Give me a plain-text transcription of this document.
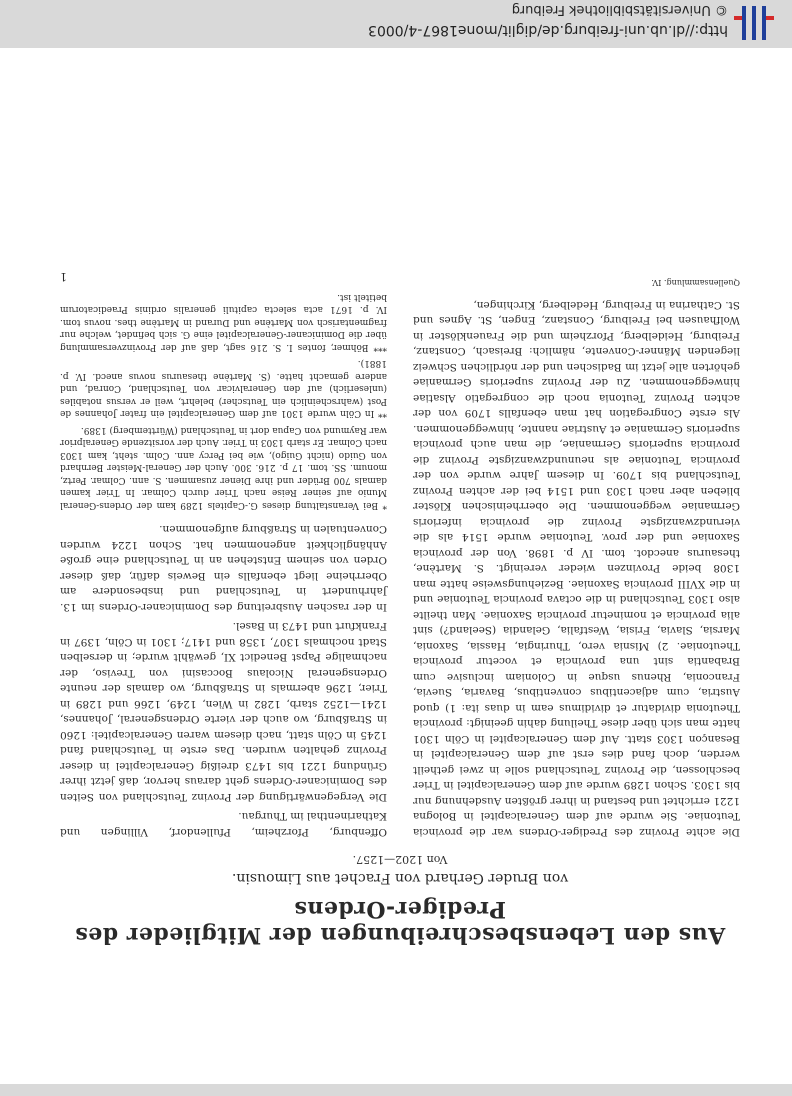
© Universitätsbibliothek Freiburg
http://dl.ub.uni-freiburg.de/diglit/mone1867-4/0003
Aus den Lebensbeschreibungen der Mitglieder des Prediger-Ordens
von Bruder Gerhard von Frachet aus Limousin.
Von 1202—1257.

Die achte Provinz des Prediger-Ordens war die provincia Teutoniae. Sie wurde auf dem Generalcapitel in Bologna 1221 errichtet und bestand in ihrer größten Ausdehnung nur bis 1303. Schon 1289 wurde auf dem Generalcapitel in Trier beschlossen, die Provinz Teutschland solle in zwei getheilt werden, doch fand dies erst auf dem Generalcapitel in Besançon 1303 statt. Auf dem Generalcapitel in Cöln 1301 hatte man sich über diese Theilung dahin geeinigt: provincia Theutonia dividatur et dividimus eam in duas ita: 1) quod Austria, cum adjacentibus conventibus, Bavaria, Suevia, Franconia, Rhenus usque in Coloniam inclusive cum Brabantia sint una provincia et vocetur provincia Theutoniae. 2) Misnia vero, Thuringia, Hassia, Saxonia, Marsia, Slavia, Frisia, Westfalia, Gelandia (Seeland?) sint alia provincia et nominetur provincia Saxoniae. Man theilte also 1303 Teutschland in die octava provincia Teutoniae und in die XVIII provincia Saxoniae. Beziehungsweise hatte man 1308 beide Provinzen wieder vereinigt. S. Martène, thesaurus anecdot. tom. IV p. 1898. Von der provincia Saxoniae und der prov. Teutoniae wurde 1514 als die vierundzwanzigste Provinz die provincia inferioris Germaniae weggenommen. Die oberrheinischen Klöster blieben aber nach 1303 und 1514 bei der achten Provinz Teutschland bis 1709. In diesem Jahre wurde von der provincia Teutoniae als neunundzwanzigste Provinz die provincia superioris Germaniae, die man auch provincia superioris Germaniae et Austriae nannte, hinweggenommen. Als erste Congregation hat man ebenfalls 1709 von der achten Provinz Teutonia noch die congregatio Alsatiae hinweggenommen. Zu der Provinz superioris Germaniae gehörten alle jetzt im Badischen und der nördlichen Schweiz liegenden Männer-Convente, nämlich: Breisach, Constanz, Freiburg, Heidelberg, Pforzheim und die Frauenklöster in Wolfhausen bei Freiburg, Constanz, Engen, St. Agnes und St. Catharina in Freiburg, Hedelberg, Kirchingen,

Quellensammlung. IV.

Offenburg, Pforzheim, Pfullendorf, Villingen und Katharinenthal im Thurgau.

Die Vergegenwärtigung der Provinz Teutschland von Seiten des Dominicaner-Ordens geht daraus hervor, daß jetzt ihrer Gründung 1221 bis 1473 dreißig Generalcapitel in dieser Provinz gehalten wurden. Das erste in Teutschland fand 1245 in Cöln statt, nach diesem waren Generalcapitel: 1260 in Straßburg, wo auch der vierte Ordensgeneral, Johannes, 1241—1252 starb, 1282 in Wien, 1249, 1266 und 1289 in Trier, 1296 abermals in Straßburg, wo damals der neunte Ordensgeneral Nicolaus Boccasini von Treviso, der nachmalige Papst Benedict XI, gewählt wurde; in derselben Stadt nochmals 1307, 1358 und 1417; 1301 in Cöln, 1397 in Frankfurt und 1473 in Basel.

In der raschen Ausbreitung des Dominicaner-Ordens im 13. Jahrhundert in Teutschland und insbesondere am Oberrheine liegt ebenfalls ein Beweis dafür, daß dieser Orden von seinem Entstehen an in Teutschland eine große Anhänglichkeit angenommen hat. Schon 1224 wurden Conventualen in Straßburg aufgenommen.

* Bei Veranstaltung dieses G.-Capitels 1289 kam der Ordens-General Munio auf seiner Reise nach Trier durch Colmar. In Trier kamen damals 700 Brüder und ihre Diener zusammen. S. ann. Colmar. Pertz, monum. SS. tom. 17 p. 216. 300. Auch der General-Meister Bernhard von Guido (nicht Guigo), wie bei Percy ann. Colm. steht, kam 1303 nach Colmar. Er starb 1303 in Trier. Auch der vorsitzende Generalprior war Raymund von Capua dort in Teutschland (Württemberg) 1389.

** In Cöln wurde 1301 auf dem Generalcapitel ein frater Johannes de Post (wahrscheinlich ein Teutscher) belehrt, weil er versus notabiles (unleserlich) auf den Generalvicar von Teutschland, Conrad, und andere gemacht hatte. (S. Martène thesaurus novus anecd. IV. p. 1881).

*** Böhmer, fontes I. S. 216 sagt, daß auf der Provinzversammlung über die Dominicaner-Generalcapitel eine G. sich befindet, welche nur fragmentarisch von Martène und Durand in Martène thes. novus tom. IV. p. 1671 acta selecta capituli generalis ordinis Praedicatorum betitelt ist.

1
